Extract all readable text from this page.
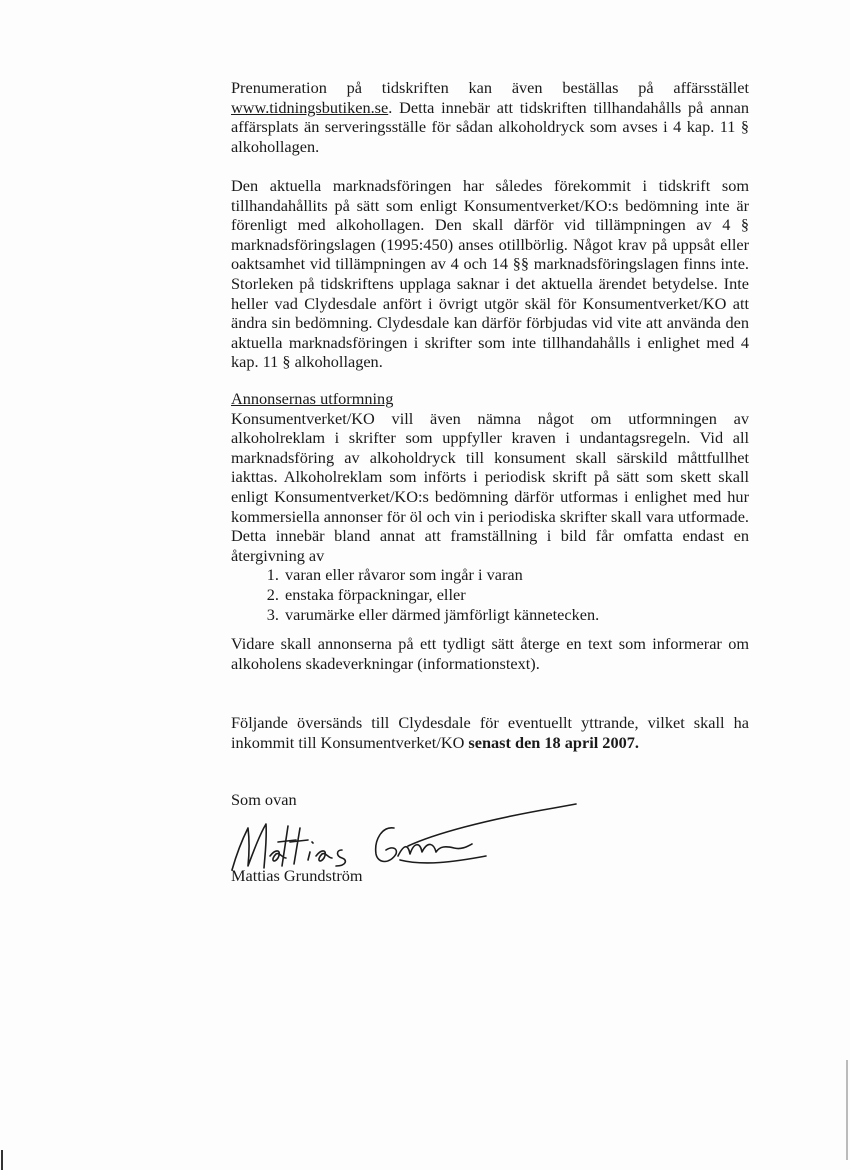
Prenumeration på tidskriften kan även beställas på affärsstället www.tidningsbutiken.se. Detta innebär att tidskriften tillhandahålls på annan affärsplats än serveringsställe för sådan alkoholdryck som avses i 4 kap. 11 § alkohollagen.

Den aktuella marknadsföringen har således förekommit i tidskrift som tillhandahållits på sätt som enligt Konsumentverket/KO:s bedömning inte är förenligt med alkohollagen. Den skall därför vid tillämpningen av 4 § marknadsföringslagen (1995:450) anses otillbörlig. Något krav på uppsåt eller oaktsamhet vid tillämpningen av 4 och 14 §§ marknadsföringslagen finns inte. Storleken på tidskriftens upplaga saknar i det aktuella ärendet betydelse. Inte heller vad Clydesdale anfört i övrigt utgör skäl för Konsumentverket/KO att ändra sin bedömning. Clydesdale kan därför förbjudas vid vite att använda den aktuella marknadsföringen i skrifter som inte tillhandahålls i enlighet med 4 kap. 11 § alkohollagen.

Annonsernas utformning

Konsumentverket/KO vill även nämna något om utformningen av alkoholreklam i skrifter som uppfyller kraven i undantagsregeln. Vid all marknadsföring av alkoholdryck till konsument skall särskild måttfullhet iakttas. Alkoholreklam som införts i periodisk skrift på sätt som skett skall enligt Konsumentverket/KO:s bedömning därför utformas i enlighet med hur kommersiella annonser för öl och vin i periodiska skrifter skall vara utformade. Detta innebär bland annat att framställning i bild får omfatta endast en återgivning av

1. varan eller råvaror som ingår i varan
2. enstaka förpackningar, eller
3. varumärke eller därmed jämförligt kännetecken.

Vidare skall annonserna på ett tydligt sätt återge en text som informerar om alkoholens skadeverkningar (informationstext).

Följande översänds till Clydesdale för eventuellt yttrande, vilket skall ha inkommit till Konsumentverket/KO senast den 18 april 2007.

Som ovan
Mattias Grundström
